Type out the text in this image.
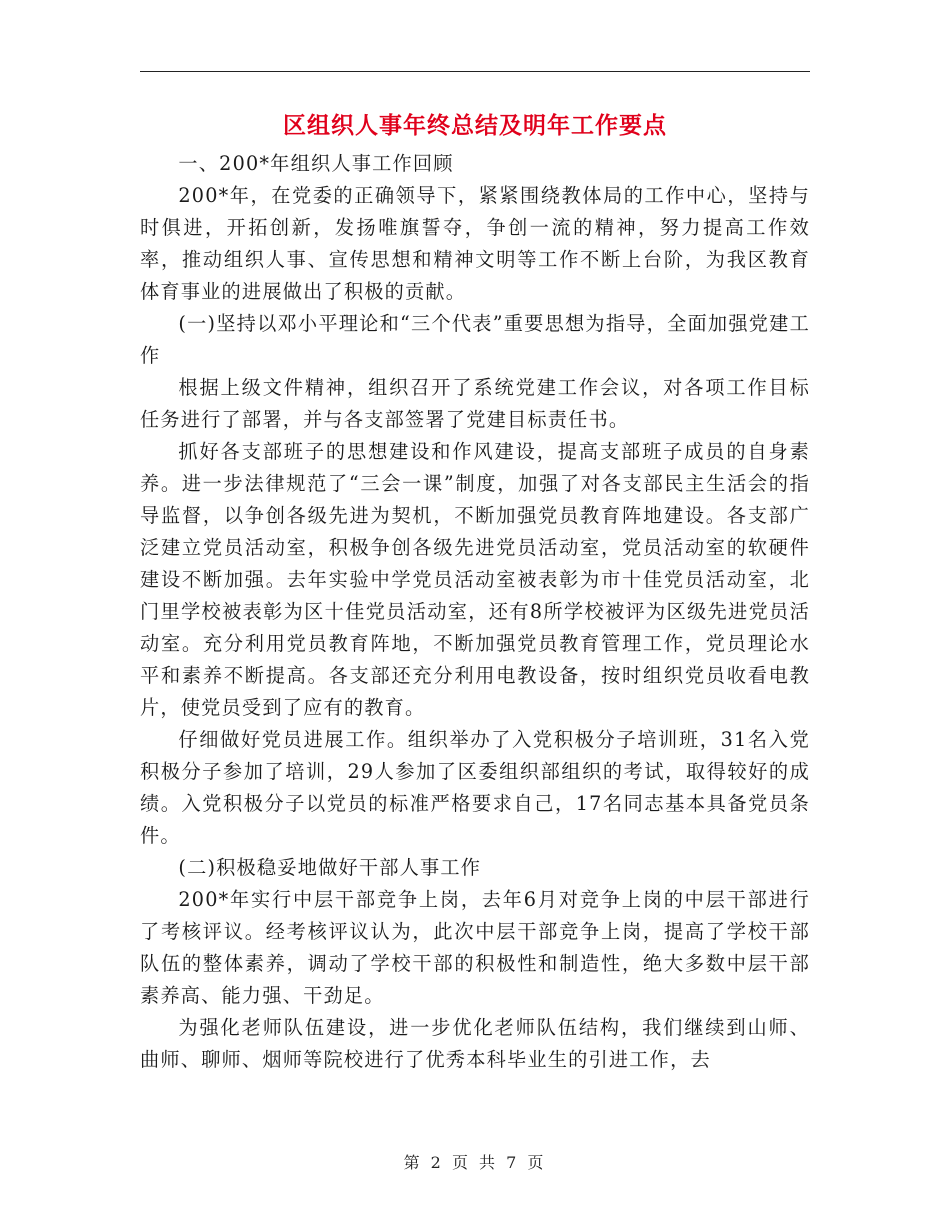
区组织人事年终总结及明年工作要点

一、200*年组织人事工作回顾

200*年，在党委的正确领导下，紧紧围绕教体局的工作中心，坚持与时俱进，开拓创新，发扬唯旗誓夺，争创一流的精神，努力提高工作效率，推动组织人事、宣传思想和精神文明等工作不断上台阶，为我区教育体育事业的进展做出了积极的贡献。

(一)坚持以邓小平理论和“三个代表”重要思想为指导，全面加强党建工作

根据上级文件精神，组织召开了系统党建工作会议，对各项工作目标任务进行了部署，并与各支部签署了党建目标责任书。

抓好各支部班子的思想建设和作风建设，提高支部班子成员的自身素养。进一步法律规范了“三会一课”制度，加强了对各支部民主生活会的指导监督，以争创各级先进为契机，不断加强党员教育阵地建设。各支部广泛建立党员活动室，积极争创各级先进党员活动室，党员活动室的软硬件建设不断加强。去年实验中学党员活动室被表彰为市十佳党员活动室，北门里学校被表彰为区十佳党员活动室，还有8所学校被评为区级先进党员活动室。充分利用党员教育阵地，不断加强党员教育管理工作，党员理论水平和素养不断提高。各支部还充分利用电教设备，按时组织党员收看电教片，使党员受到了应有的教育。

仔细做好党员进展工作。组织举办了入党积极分子培训班，31名入党积极分子参加了培训，29人参加了区委组织部组织的考试，取得较好的成绩。入党积极分子以党员的标准严格要求自己，17名同志基本具备党员条件。

(二)积极稳妥地做好干部人事工作

200*年实行中层干部竞争上岗，去年6月对竞争上岗的中层干部进行了考核评议。经考核评议认为，此次中层干部竞争上岗，提高了学校干部队伍的整体素养，调动了学校干部的积极性和制造性，绝大多数中层干部素养高、能力强、干劲足。

为强化老师队伍建设，进一步优化老师队伍结构，我们继续到山师、曲师、聊师、烟师等院校进行了优秀本科毕业生的引进工作，去

第 2 页 共 7 页
